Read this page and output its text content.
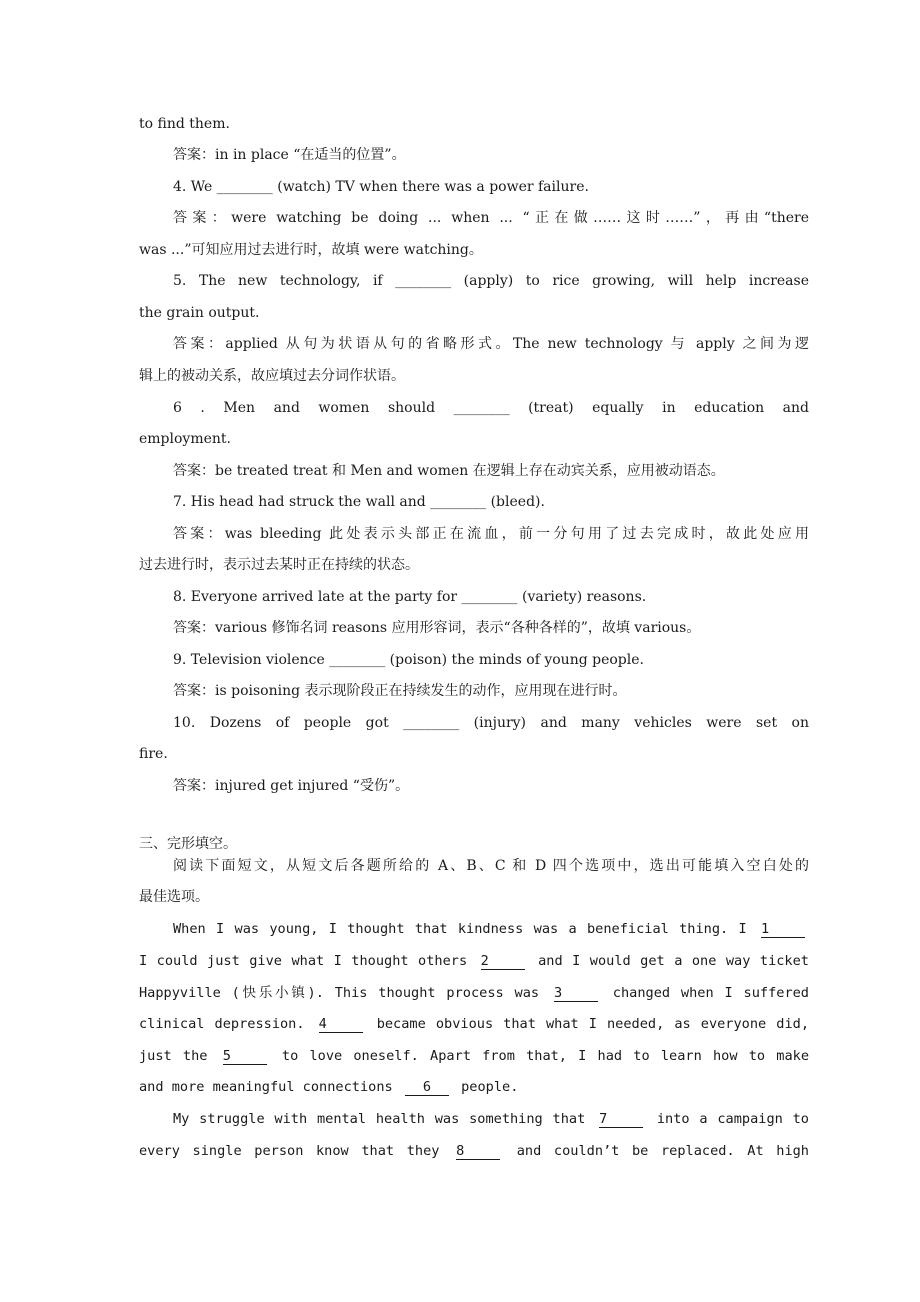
to find them.
答案：in in place “在适当的位置”。
4. We ________ (watch) TV when there was a power failure.
答案：were watching be doing ... when ... “正在做……这时……”，再由“there
was ...”可知应用过去进行时，故填 were watching。
5. The new technology, if ________ (apply) to rice growing, will help increase
the grain output.
答案：applied 从句为状语从句的省略形式。The new technology 与 apply 之间为逻
辑上的被动关系，故应填过去分词作状语。
6 . Men and women should ________ (treat) equally in education and
employment.
答案：be treated treat 和 Men and women 在逻辑上存在动宾关系，应用被动语态。
7. His head had struck the wall and ________ (bleed).
答案：was bleeding 此处表示头部正在流血，前一分句用了过去完成时，故此处应用
过去进行时，表示过去某时正在持续的状态。
8. Everyone arrived late at the party for ________ (variety) reasons.
答案：various 修饰名词 reasons 应用形容词，表示“各种各样的”，故填 various。
9. Television violence ________ (poison) the minds of young people.
答案：is poisoning 表示现阶段正在持续发生的动作，应用现在进行时。
10. Dozens of people got ________ (injury) and many vehicles were set on
fire.
答案：injured get injured “受伤”。
三、完形填空。
阅读下面短文，从短文后各题所给的 A、B、C 和 D 四个选项中，选出可能填入空白处的
最佳选项。
When I was young, I thought that kindness was a beneficial thing. I 1
I could just give what I thought others 2	and I would get a one way ticket
Happyville (快乐小镇). This thought process was 3	changed when I suffered
clinical depression. 4	became obvious that what I needed, as everyone did,
just the 5	to love oneself. Apart from that, I had to learn how to make
and more meaningful connections 6 people.
My struggle with mental health was something that 7	into a campaign to
every single person know that they 8	and couldn’t be replaced. At high
